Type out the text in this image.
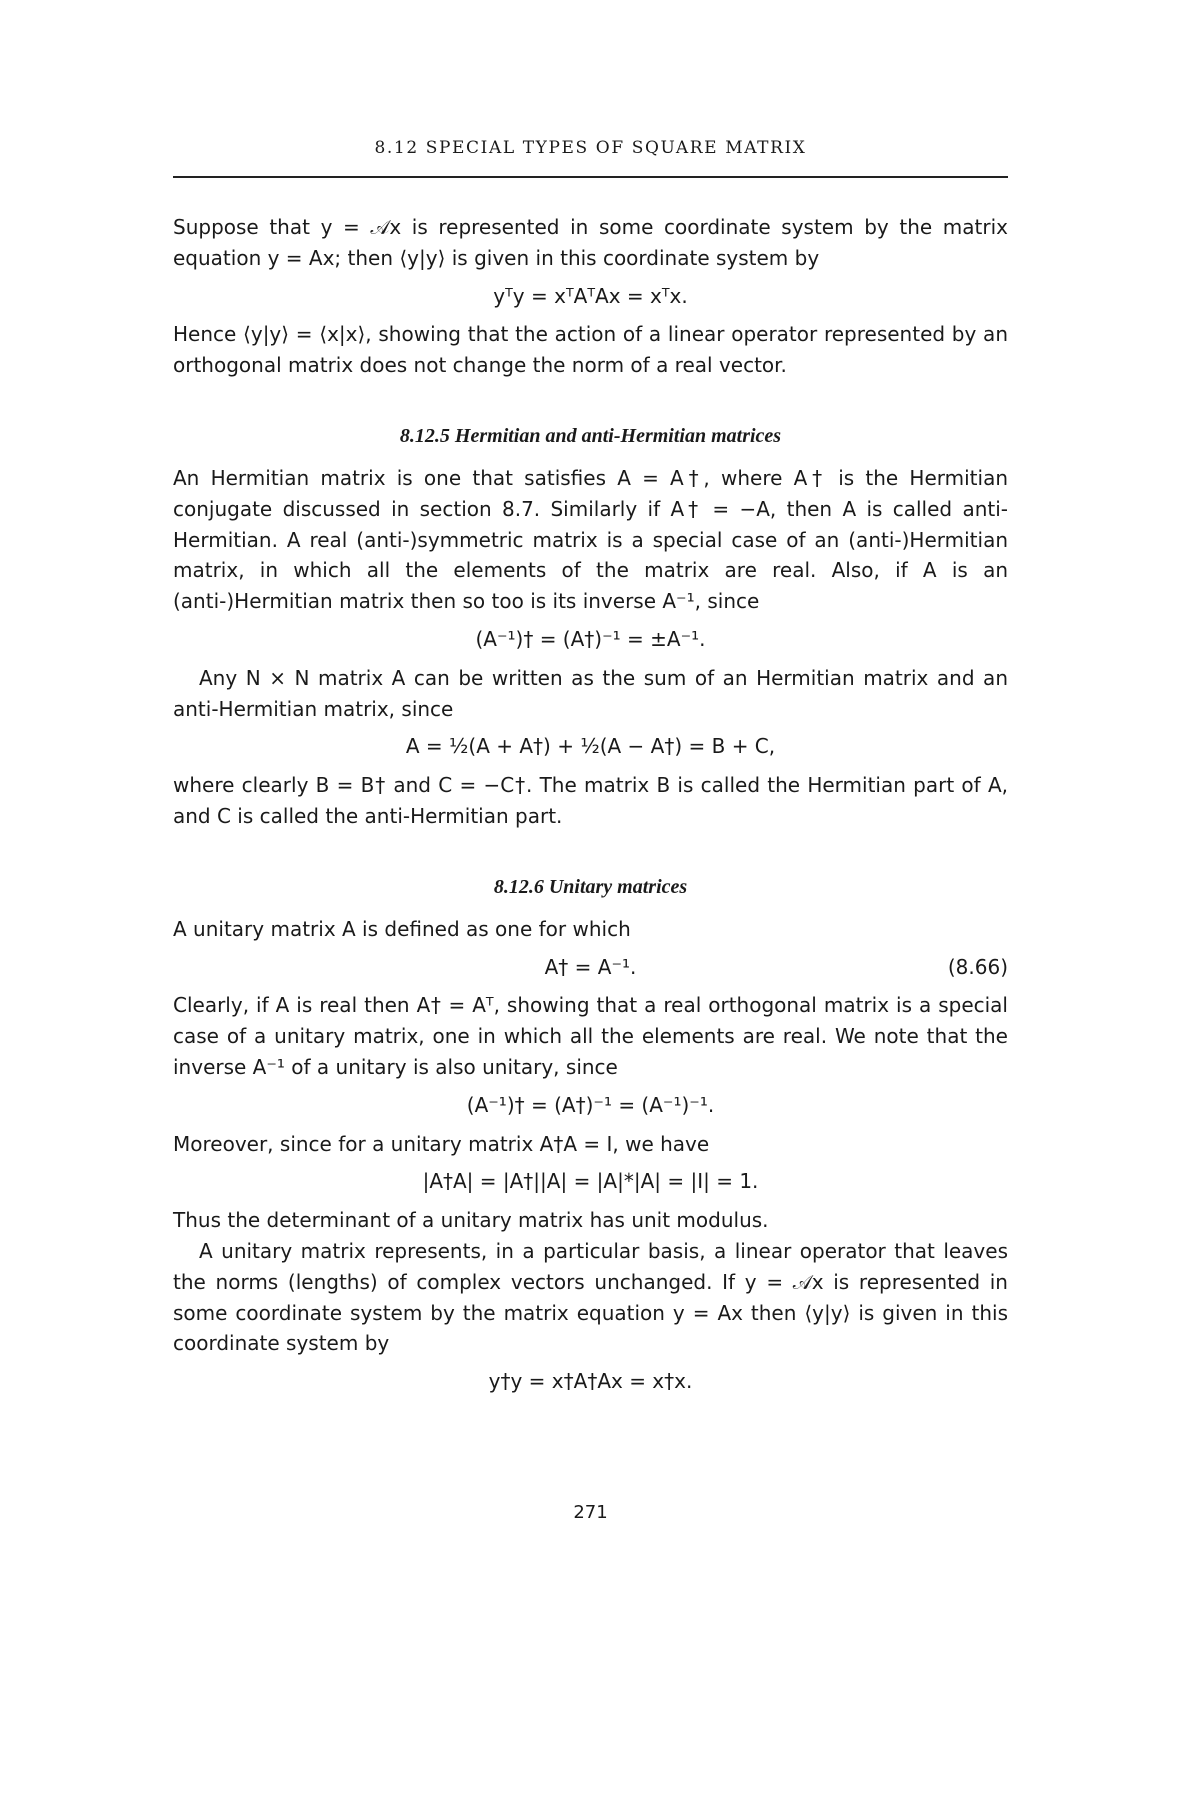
8.12 SPECIAL TYPES OF SQUARE MATRIX

Suppose that y = 𝒜x is represented in some coordinate system by the matrix equation y = Ax; then ⟨y|y⟩ is given in this coordinate system by

yᵀy = xᵀAᵀAx = xᵀx.

Hence ⟨y|y⟩ = ⟨x|x⟩, showing that the action of a linear operator represented by an orthogonal matrix does not change the norm of a real vector.

8.12.5 Hermitian and anti-Hermitian matrices

An Hermitian matrix is one that satisfies A = A†, where A† is the Hermitian conjugate discussed in section 8.7. Similarly if A† = −A, then A is called anti-Hermitian. A real (anti-)symmetric matrix is a special case of an (anti-)Hermitian matrix, in which all the elements of the matrix are real. Also, if A is an (anti-)Hermitian matrix then so too is its inverse A⁻¹, since

(A⁻¹)† = (A†)⁻¹ = ±A⁻¹.

Any N × N matrix A can be written as the sum of an Hermitian matrix and an anti-Hermitian matrix, since

A = ½(A + A†) + ½(A − A†) = B + C,

where clearly B = B† and C = −C†. The matrix B is called the Hermitian part of A, and C is called the anti-Hermitian part.

8.12.6 Unitary matrices

A unitary matrix A is defined as one for which

A† = A⁻¹.	(8.66)

Clearly, if A is real then A† = Aᵀ, showing that a real orthogonal matrix is a special case of a unitary matrix, one in which all the elements are real. We note that the inverse A⁻¹ of a unitary is also unitary, since

(A⁻¹)† = (A†)⁻¹ = (A⁻¹)⁻¹.

Moreover, since for a unitary matrix A†A = I, we have

|A†A| = |A†||A| = |A|*|A| = |I| = 1.

Thus the determinant of a unitary matrix has unit modulus.

A unitary matrix represents, in a particular basis, a linear operator that leaves the norms (lengths) of complex vectors unchanged. If y = 𝒜x is represented in some coordinate system by the matrix equation y = Ax then ⟨y|y⟩ is given in this coordinate system by

y†y = x†A†Ax = x†x.
271
